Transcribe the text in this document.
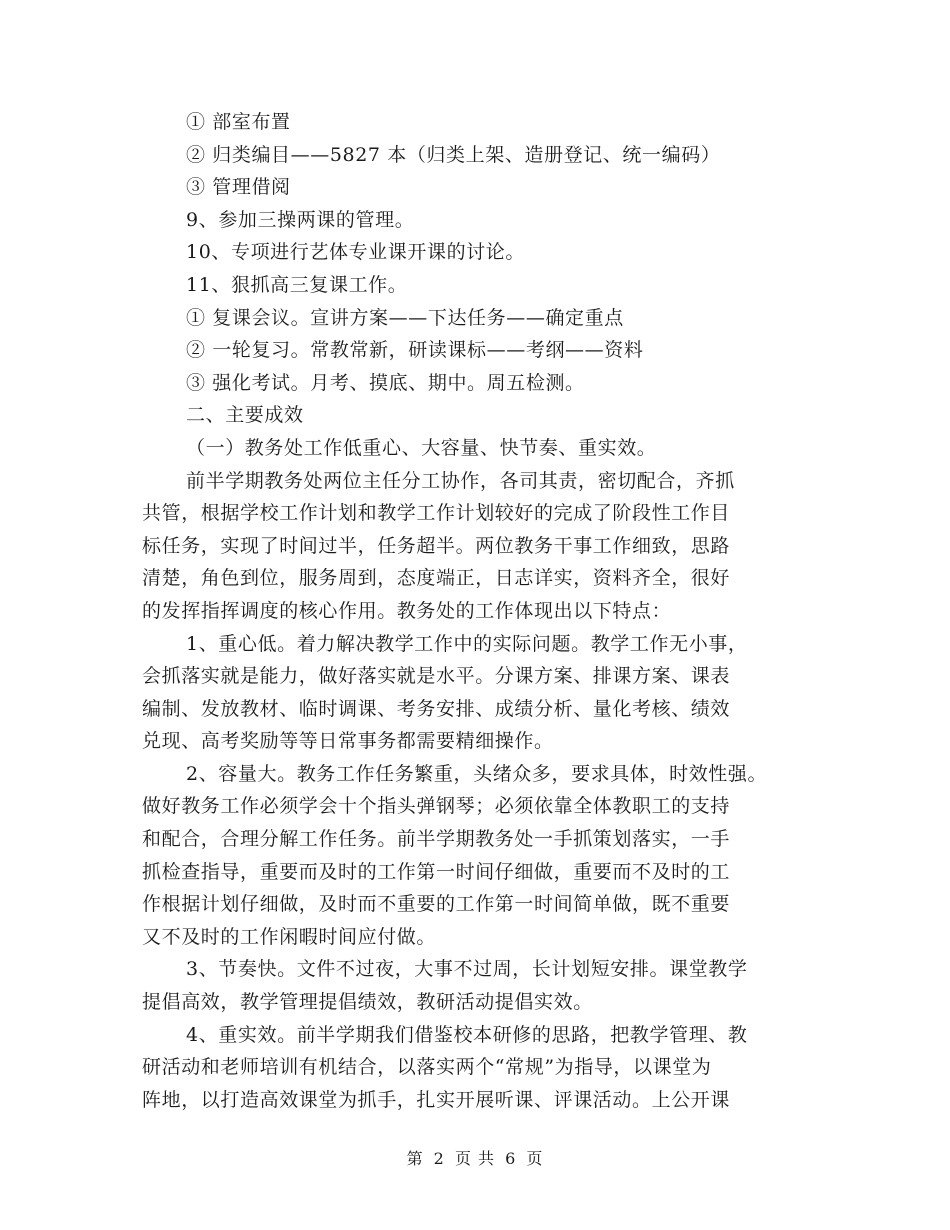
① 部室布置
② 归类编目——5827 本（归类上架、造册登记、统一编码）
③ 管理借阅
9、参加三操两课的管理。
10、专项进行艺体专业课开课的讨论。
11、狠抓高三复课工作。
① 复课会议。宣讲方案——下达任务——确定重点
② 一轮复习。常教常新，研读课标——考纲——资料
③ 强化考试。月考、摸底、期中。周五检测。
二、主要成效
（一）教务处工作低重心、大容量、快节奏、重实效。
前半学期教务处两位主任分工协作，各司其责，密切配合，齐抓
共管，根据学校工作计划和教学工作计划较好的完成了阶段性工作目
标任务，实现了时间过半，任务超半。两位教务干事工作细致，思路
清楚，角色到位，服务周到，态度端正，日志详实，资料齐全，很好
的发挥指挥调度的核心作用。教务处的工作体现出以下特点：
1、重心低。着力解决教学工作中的实际问题。教学工作无小事，
会抓落实就是能力，做好落实就是水平。分课方案、排课方案、课表
编制、发放教材、临时调课、考务安排、成绩分析、量化考核、绩效
兑现、高考奖励等等日常事务都需要精细操作。
2、容量大。教务工作任务繁重，头绪众多，要求具体，时效性强。
做好教务工作必须学会十个指头弹钢琴；必须依靠全体教职工的支持
和配合，合理分解工作任务。前半学期教务处一手抓策划落实，一手
抓检查指导，重要而及时的工作第一时间仔细做，重要而不及时的工
作根据计划仔细做，及时而不重要的工作第一时间简单做，既不重要
又不及时的工作闲暇时间应付做。
3、节奏快。文件不过夜，大事不过周，长计划短安排。课堂教学
提倡高效，教学管理提倡绩效，教研活动提倡实效。
4、重实效。前半学期我们借鉴校本研修的思路，把教学管理、教
研活动和老师培训有机结合，以落实两个“常规”为指导，以课堂为
阵地，以打造高效课堂为抓手，扎实开展听课、评课活动。上公开课
第 2 页 共 6 页
